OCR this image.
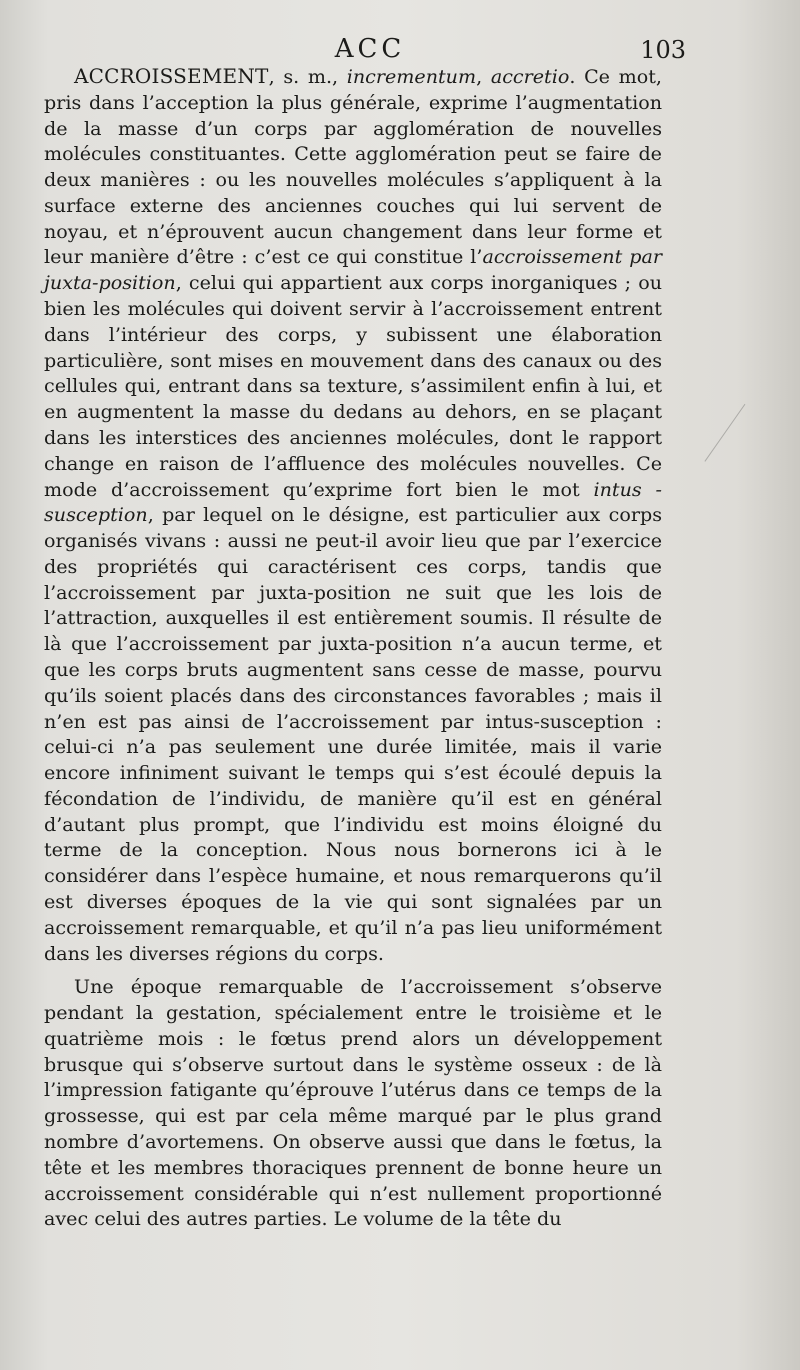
ACC	103

ACCROISSEMENT, s. m., incrementum, accretio. Ce mot, pris dans l’acception la plus générale, exprime l’augmentation de la masse d’un corps par agglomération de nouvelles molécules constituantes. Cette agglomération peut se faire de deux manières : ou les nouvelles molécules s’appliquent à la surface externe des anciennes couches qui lui servent de noyau, et n’éprouvent aucun changement dans leur forme et leur manière d’être : c’est ce qui constitue l’accroissement par juxta-position, celui qui appartient aux corps inorganiques ; ou bien les molécules qui doivent servir à l’accroissement entrent dans l’intérieur des corps, y subissent une élaboration particulière, sont mises en mouvement dans des canaux ou des cellules qui, entrant dans sa texture, s’assimilent enfin à lui, et en augmentent la masse du dedans au dehors, en se plaçant dans les interstices des anciennes molécules, dont le rapport change en raison de l’affluence des molécules nouvelles. Ce mode d’accroissement qu’exprime fort bien le mot intus - susception, par lequel on le désigne, est particulier aux corps organisés vivans : aussi ne peut-il avoir lieu que par l’exercice des propriétés qui caractérisent ces corps, tandis que l’accroissement par juxta-position ne suit que les lois de l’attraction, auxquelles il est entièrement soumis. Il résulte de là que l’accroissement par juxta-position n’a aucun terme, et que les corps bruts augmentent sans cesse de masse, pourvu qu’ils soient placés dans des circonstances favorables ; mais il n’en est pas ainsi de l’accroissement par intus-susception : celui-ci n’a pas seulement une durée limitée, mais il varie encore infiniment suivant le temps qui s’est écoulé depuis la fécondation de l’individu, de manière qu’il est en général d’autant plus prompt, que l’individu est moins éloigné du terme de la conception. Nous nous bornerons ici à le considérer dans l’espèce humaine, et nous remarquerons qu’il est diverses époques de la vie qui sont signalées par un accroissement remarquable, et qu’il n’a pas lieu uniformément dans les diverses régions du corps.

Une époque remarquable de l’accroissement s’observe pendant la gestation, spécialement entre le troisième et le quatrième mois : le fœtus prend alors un développement brusque qui s’observe surtout dans le système osseux : de là l’impression fatigante qu’éprouve l’utérus dans ce temps de la grossesse, qui est par cela même marqué par le plus grand nombre d’avortemens. On observe aussi que dans le fœtus, la tête et les membres thoraciques prennent de bonne heure un accroissement considérable qui n’est nullement proportionné avec celui des autres parties. Le volume de la tête du
